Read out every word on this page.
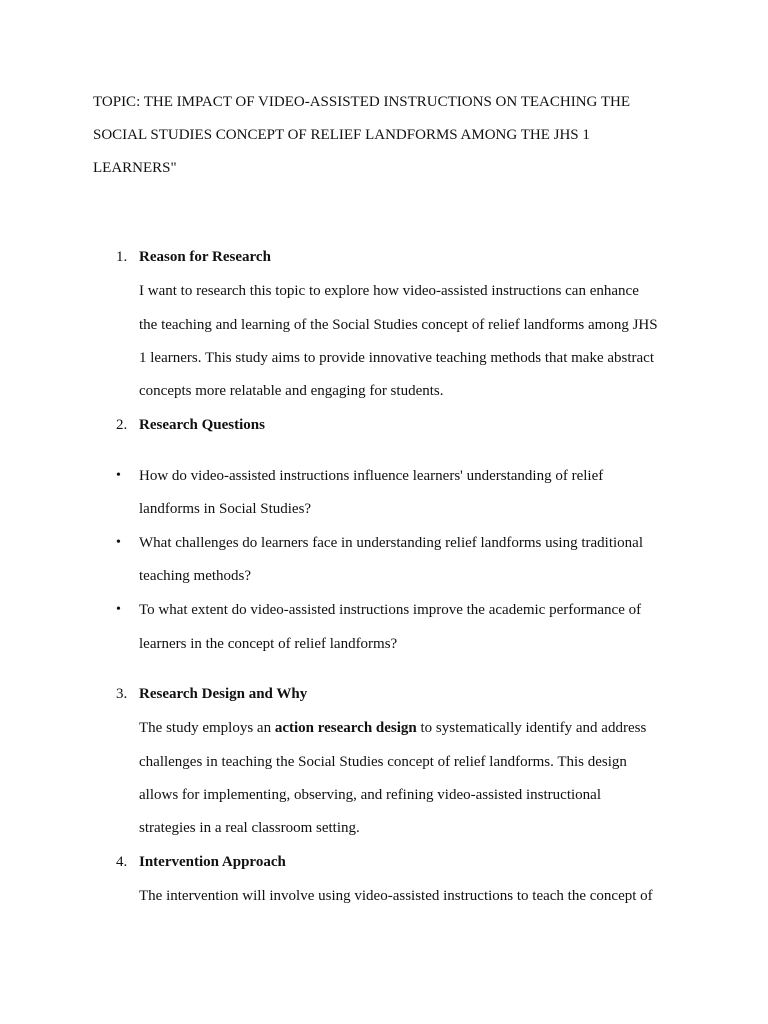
TOPIC: THE IMPACT OF VIDEO-ASSISTED INSTRUCTIONS ON TEACHING THE
SOCIAL STUDIES CONCEPT OF RELIEF LANDFORMS AMONG THE JHS 1
LEARNERS"

1. Reason for Research

I want to research this topic to explore how video-assisted instructions can enhance

the teaching and learning of the Social Studies concept of relief landforms among JHS

1 learners. This study aims to provide innovative teaching methods that make abstract

concepts more relatable and engaging for students.

2. Research Questions

• How do video-assisted instructions influence learners' understanding of relief

landforms in Social Studies?

• What challenges do learners face in understanding relief landforms using traditional

teaching methods?

• To what extent do video-assisted instructions improve the academic performance of

learners in the concept of relief landforms?

3. Research Design and Why

The study employs an action research design to systematically identify and address

challenges in teaching the Social Studies concept of relief landforms. This design

allows for implementing, observing, and refining video-assisted instructional

strategies in a real classroom setting.

4. Intervention Approach

The intervention will involve using video-assisted instructions to teach the concept of
